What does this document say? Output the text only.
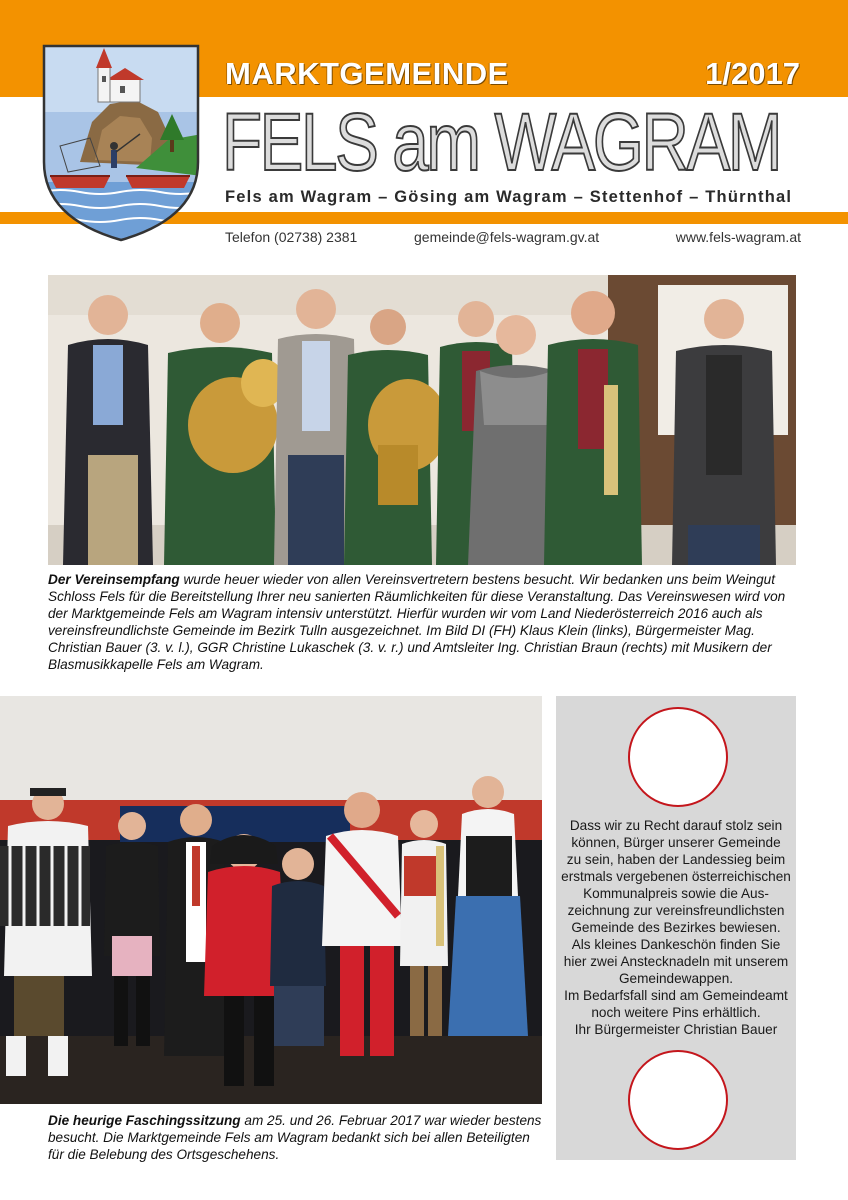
MARKTGEMEINDE	1/2017
FELS am WAGRAM
Fels am Wagram – Gösing am Wagram – Stettenhof – Thürnthal
Telefon (02738) 2381	gemeinde@fels-wagram.gv.at	www.fels-wagram.at
Der Vereinsempfang wurde heuer wieder von allen Vereinsvertretern bestens besucht. Wir bedanken uns beim Weingut Schloss Fels für die Bereitstellung Ihrer neu sanierten Räumlichkeiten für diese Veranstaltung. Das Vereinswesen wird von der Marktgemeinde Fels am Wagram intensiv unterstützt. Hierfür wurden wir vom Land Niederösterreich 2016 auch als vereinsfreundlichste Gemeinde im Bezirk Tulln ausgezeichnet. Im Bild DI (FH) Klaus Klein (links), Bürgermeister Mag. Christian Bauer (3. v. l.), GGR Christine Lukaschek (3. v. r.) und Amtsleiter Ing. Christian Braun (rechts) mit Musikern der Blasmusikkapelle Fels am Wagram.
Die heurige Faschingssitzung am 25. und 26. Februar 2017 war wieder bestens besucht. Die Marktgemeinde Fels am Wagram bedankt sich bei allen Beteiligten für die Belebung des Ortsgeschehens.
Dass wir zu Recht darauf stolz sein
können, Bürger unserer Gemeinde
zu sein, haben der Landessieg beim
erstmals vergebenen österreichischen
Kommunalpreis sowie die Aus-
zeichnung zur vereinsfreundlichsten
Gemeinde des Bezirkes bewiesen.
Als kleines Dankeschön finden Sie
hier zwei Anstecknadeln mit unserem
Gemeindewappen.
Im Bedarfsfall sind am Gemeindeamt
noch weitere Pins erhältlich.
Ihr Bürgermeister Christian Bauer
